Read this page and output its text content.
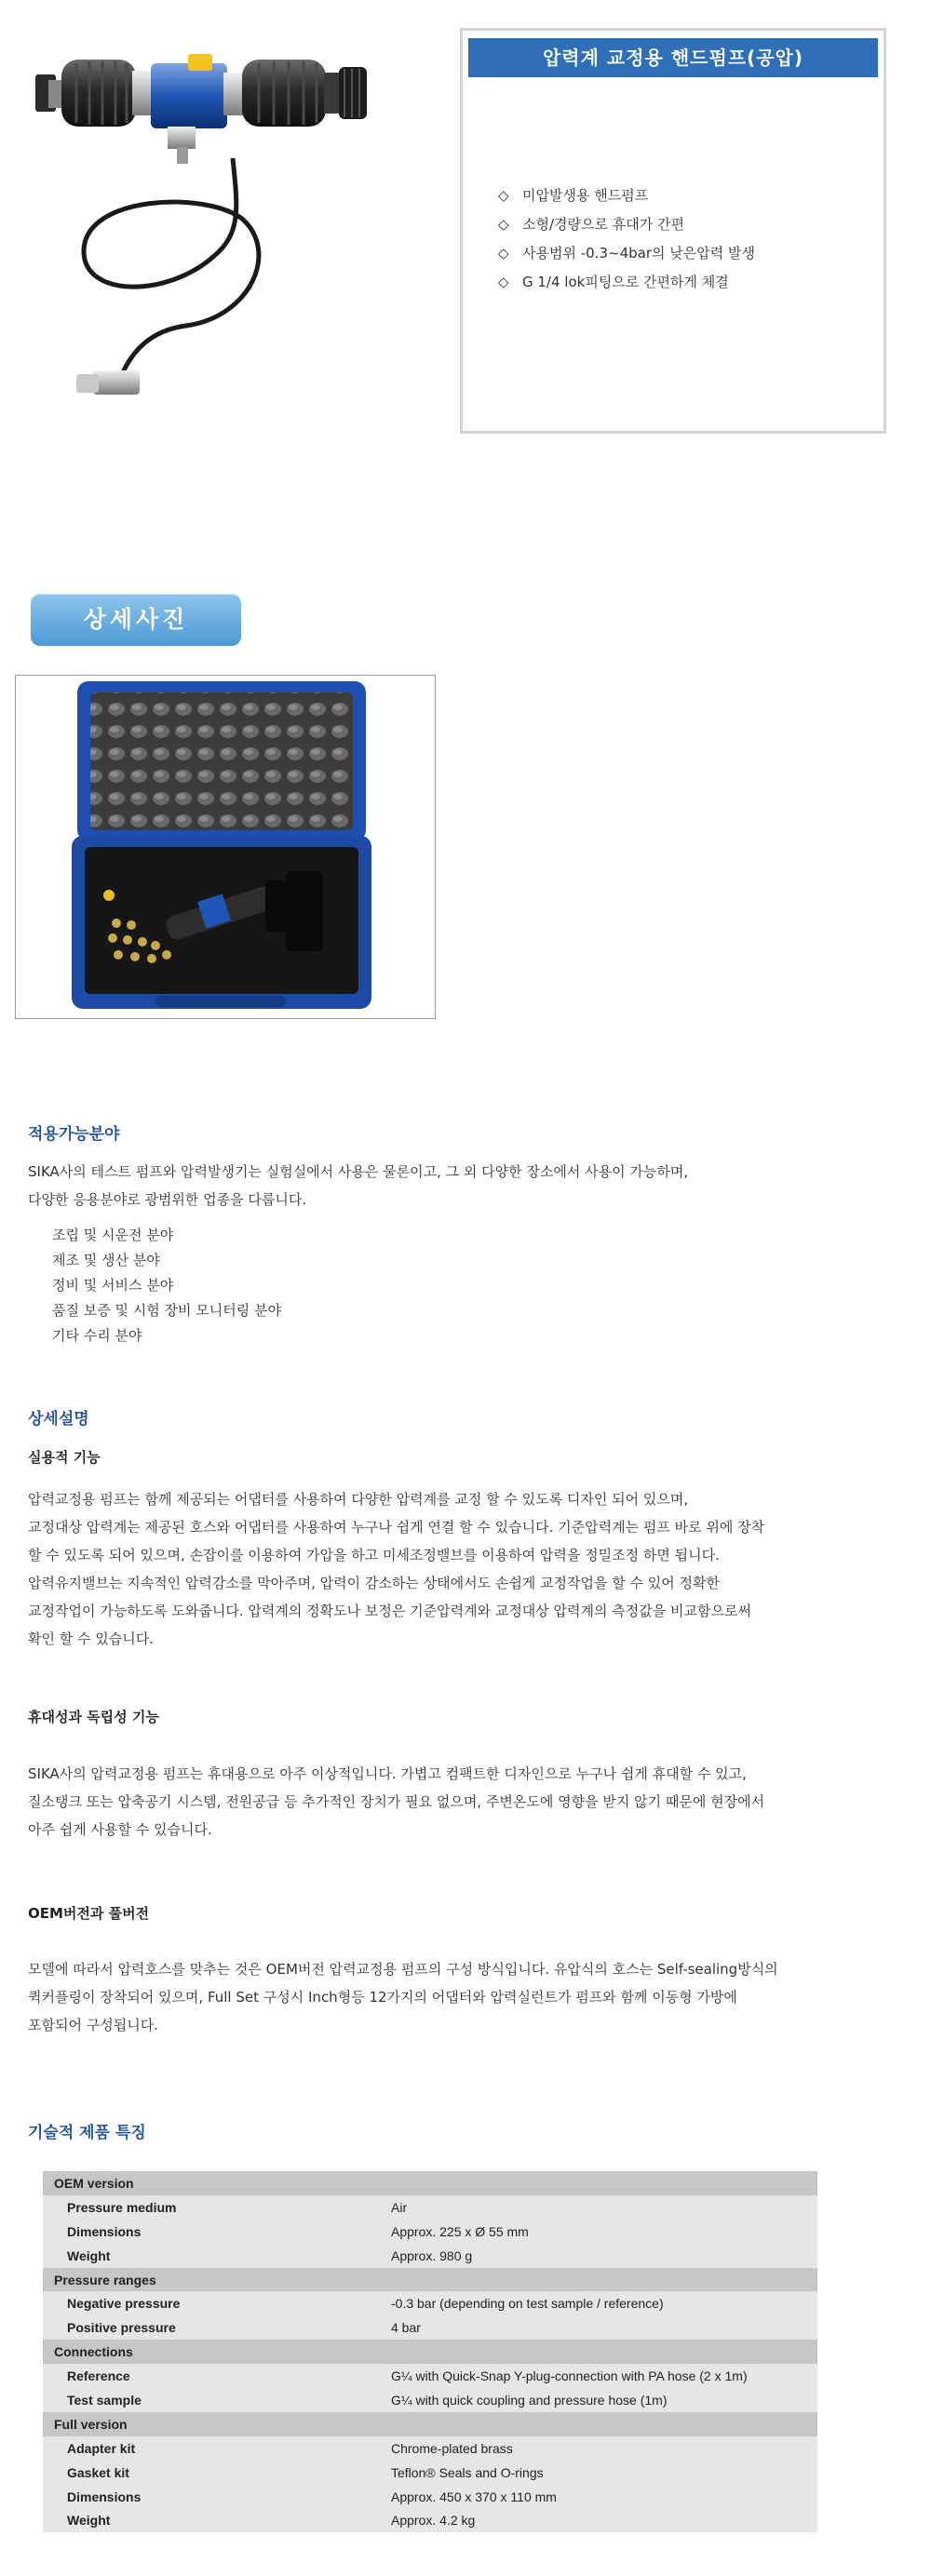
압력계 교정용 핸드펌프(공압)
◇ 미압발생용 핸드펌프
◇ 소형/경량으로 휴대가 간편
◇ 사용범위 -0.3~4bar의 낮은압력 발생
◇ G 1/4 lok피팅으로 간편하게 체결
상세사진
적용가능분야
SIKA사의 테스트 펌프와 압력발생기는 실험실에서 사용은 물론이고, 그 외 다양한 장소에서 사용이 가능하며,
다양한 응용분야로 광범위한 업종을 다룹니다.
조립 및 시운전 분야
제조 및 생산 분야
정비 및 서비스 분야
품질 보증 및 시험 장비 모니터링 분야
기타 수리 분야
상세설명
실용적 기능
압력교정용 펌프는 함께 제공되는 어댑터를 사용하여 다양한 압력계를 교정 할 수 있도록 디자인 되어 있으며,
교정대상 압력계는 제공된 호스와 어댑터를 사용하여 누구나 쉽게 연결 할 수 있습니다. 기준압력계는 펌프 바로 위에 장착
할 수 있도록 되어 있으며, 손잡이를 이용하여 가압을 하고 미세조정밸브를 이용하여 압력을 정밀조정 하면 됩니다.
압력유지밸브는 지속적인 압력감소를 막아주며, 압력이 감소하는 상태에서도 손쉽게 교정작업을 할 수 있어 정확한
교정작업이 가능하도록 도와줍니다. 압력계의 정확도나 보정은 기준압력계와 교정대상 압력계의 측정값을 비교함으로써
확인 할 수 있습니다.
휴대성과 독립성 기능
SIKA사의 압력교정용 펌프는 휴대용으로 아주 이상적입니다. 가볍고 컴팩트한 디자인으로 누구나 쉽게 휴대할 수 있고,
질소탱크 또는 압축공기 시스템, 전원공급 등 추가적인 장치가 필요 없으며, 주변온도에 영향을 받지 않기 때문에 현장에서
아주 쉽게 사용할 수 있습니다.
OEM버전과 풀버전
모델에 따라서 압력호스를 맞추는 것은 OEM버전 압력교정용 펌프의 구성 방식입니다. 유압식의 호스는 Self-sealing방식의
퀵커플링이 장착되어 있으며, Full Set 구성시 Inch형등 12가지의 어댑터와 압력실런트가 펌프와 함께 이동형 가방에
포함되어 구성됩니다.
기술적 제품 특징
OEM version	
Pressure medium	Air
Dimensions	Approx. 225 x Ø 55 mm
Weight	Approx. 980 g
Pressure ranges	
Negative pressure	-0.3 bar (depending on test sample / reference)
Positive pressure	4 bar
Connections	
Reference	G¼ with Quick-Snap Y-plug-connection with PA hose (2 x 1m)
Test sample	G¼ with quick coupling and pressure hose (1m)
Full version	
Adapter kit	Chrome-plated brass
Gasket kit	Teflon® Seals and O-rings
Dimensions	Approx. 450 x 370 x 110 mm
Weight	Approx. 4.2 kg
